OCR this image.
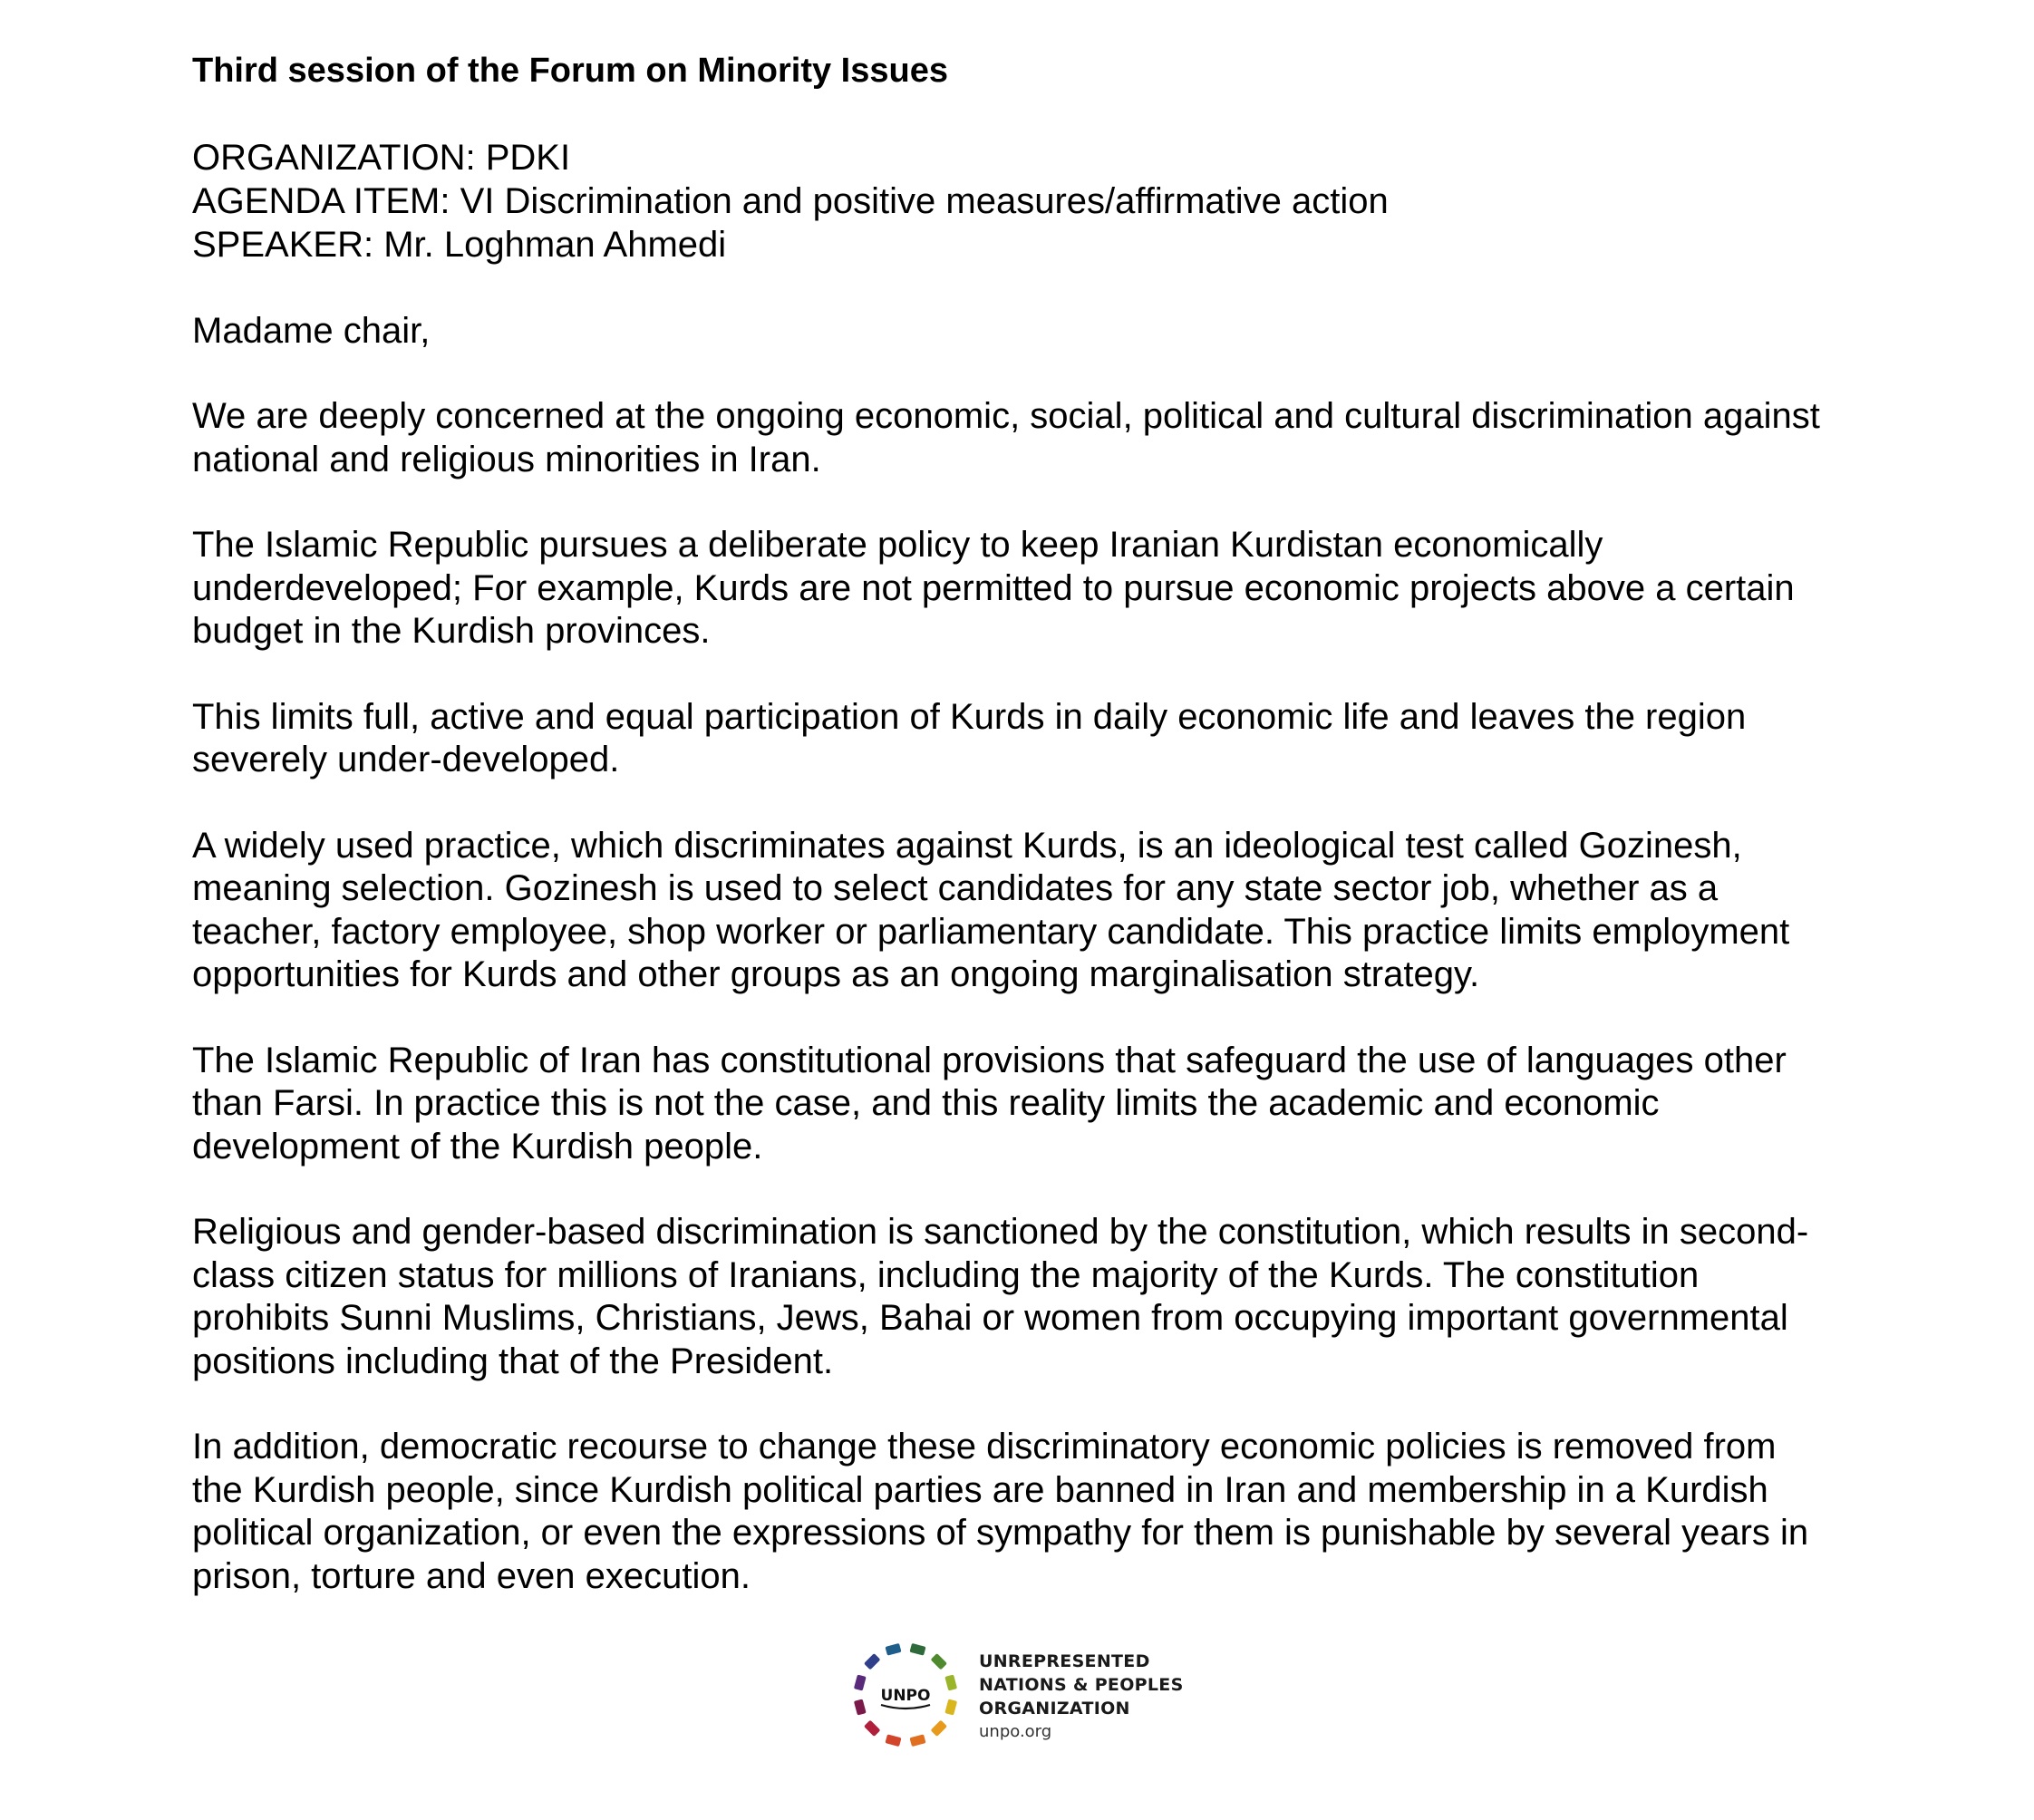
Third session of the Forum on Minority Issues
ORGANIZATION: PDKI
AGENDA ITEM: VI Discrimination and positive measures/affirmative action
SPEAKER: Mr. Loghman Ahmedi
Madame chair,

We are deeply concerned at the ongoing economic, social, political and cultural discrimination against national and religious minorities in Iran.

The Islamic Republic pursues a deliberate policy to keep Iranian Kurdistan economically underdeveloped; For example, Kurds are not permitted to pursue economic projects above a certain budget in the Kurdish provinces.

This limits full, active and equal participation of Kurds in daily economic life and leaves the region severely under-developed.

A widely used practice, which discriminates against Kurds, is an ideological test called Gozinesh, meaning selection. Gozinesh is used to select candidates for any state sector job, whether as a teacher, factory employee, shop worker or parliamentary candidate. This practice limits employment opportunities for Kurds and other groups as an ongoing marginalisation strategy.

The Islamic Republic of Iran has constitutional provisions that safeguard the use of languages other than Farsi. In practice this is not the case, and this reality limits the academic and economic development of the Kurdish people.

Religious and gender-based discrimination is sanctioned by the constitution, which results in second-class citizen status for millions of Iranians, including the majority of the Kurds. The constitution prohibits Sunni Muslims, Christians, Jews, Bahai or women from occupying important governmental positions including that of the President.

In addition, democratic recourse to change these discriminatory economic policies is removed from the Kurdish people, since Kurdish political parties are banned in Iran and membership in a Kurdish political organization, or even the expressions of sympathy for them is punishable by several years in prison, torture and even execution.

UNPO
UNREPRESENTED
NATIONS & PEOPLES
ORGANIZATION
unpo.org
